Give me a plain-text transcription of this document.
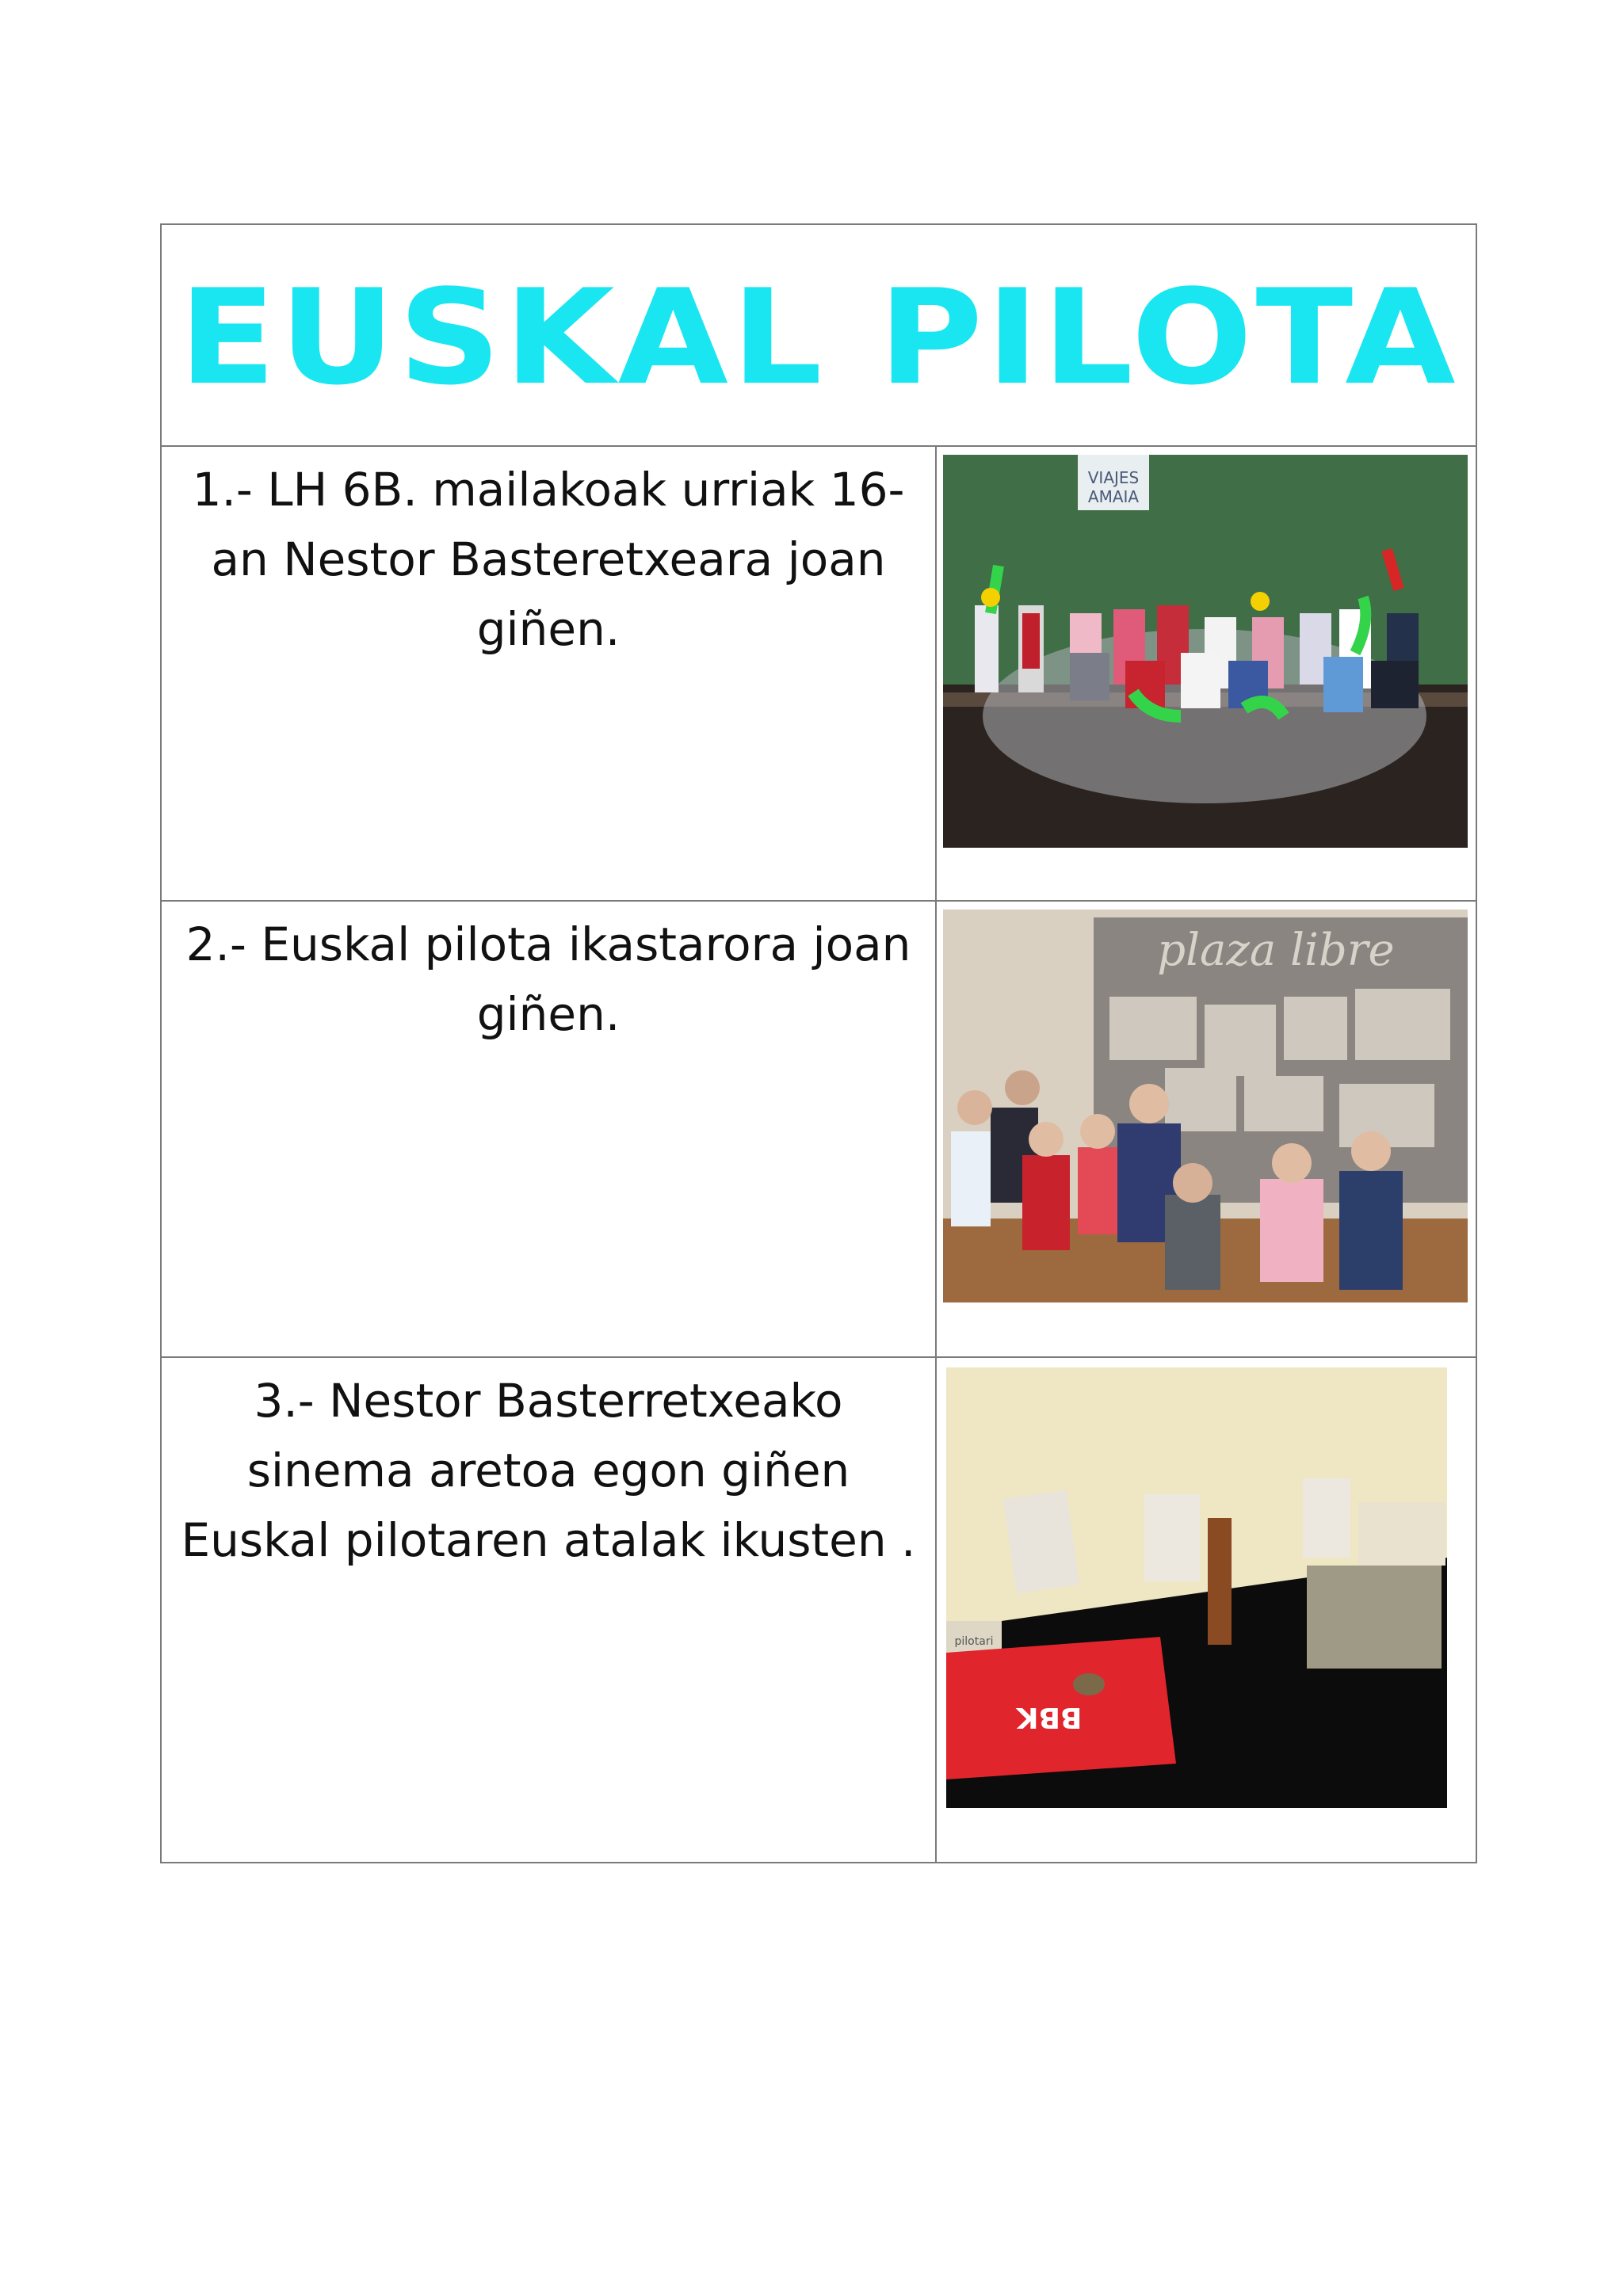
EUSKAL PILOTA	
1.- LH 6B. mailakoak urriak 16-an Nestor Basteretxeara joan giñen.	VIAJES
AMAIA

2.- Euskal pilota ikastarora joan giñen.	plaza libre

3.- Nestor Basterretxeako sinema aretoa egon giñen Euskal pilotaren atalak ikusten .	pilotari
BBK
